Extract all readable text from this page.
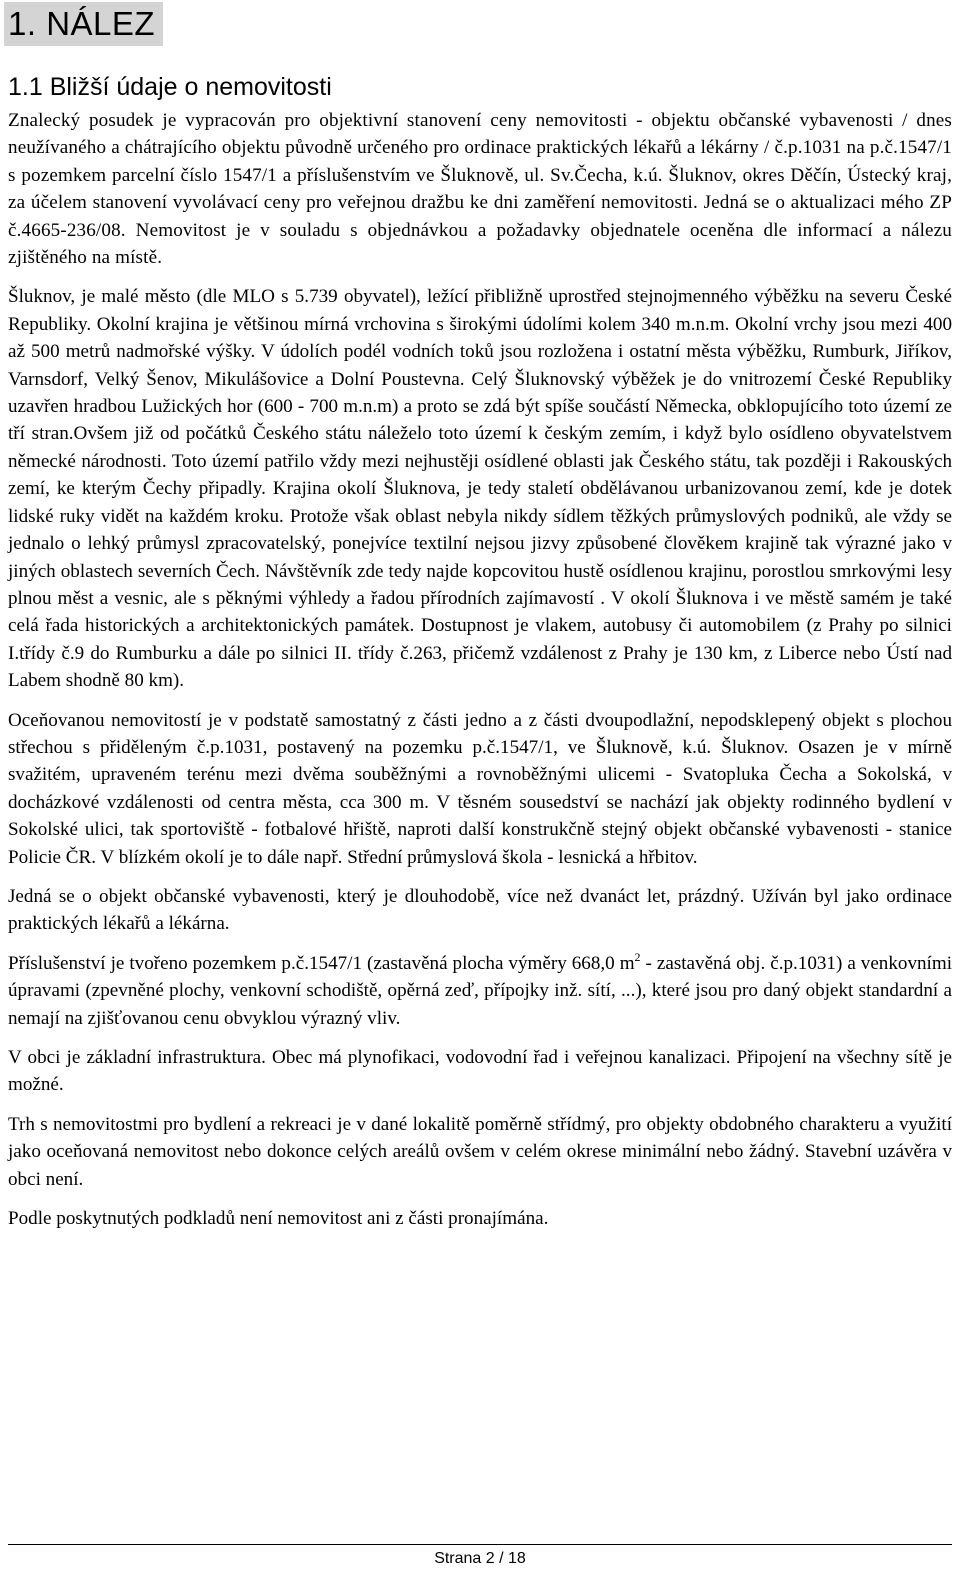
1. NÁLEZ
1.1 Bližší údaje o nemovitosti

Znalecký posudek je vypracován pro objektivní stanovení ceny nemovitosti - objektu občanské vybavenosti / dnes neužívaného a chátrajícího objektu původně určeného pro ordinace praktických lékařů a lékárny / č.p.1031 na p.č.1547/1 s pozemkem parcelní číslo 1547/1 a příslušenstvím ve Šluknově, ul. Sv.Čecha, k.ú. Šluknov, okres Děčín, Ústecký kraj, za účelem stanovení vyvolávací ceny pro veřejnou dražbu ke dni zaměření nemovitosti. Jedná se o aktualizaci mého ZP č.4665-236/08. Nemovitost je v souladu s objednávkou a požadavky objednatele oceněna dle informací a nálezu zjištěného na místě.

Šluknov, je malé město (dle MLO s 5.739 obyvatel), ležící přibližně uprostřed stejnojmenného výběžku na severu České Republiky. Okolní krajina je většinou mírná vrchovina s širokými údolími kolem 340 m.n.m. Okolní vrchy jsou mezi 400 až 500 metrů nadmořské výšky. V údolích podél vodních toků jsou rozložena i ostatní města výběžku, Rumburk, Jiříkov, Varnsdorf, Velký Šenov, Mikulášovice a Dolní Poustevna. Celý Šluknovský výběžek je do vnitrozemí České Republiky uzavřen hradbou Lužických hor (600 - 700 m.n.m) a proto se zdá být spíše součástí Německa, obklopujícího toto území ze tří stran.Ovšem již od počátků Českého státu náleželo toto území k českým zemím, i když bylo osídleno obyvatelstvem německé národnosti. Toto území patřilo vždy mezi nejhustěji osídlené oblasti jak Českého státu, tak později i Rakouských zemí, ke kterým Čechy připadly. Krajina okolí Šluknova, je tedy staletí obdělávanou urbanizovanou zemí, kde je dotek lidské ruky vidět na každém kroku. Protože však oblast nebyla nikdy sídlem těžkých průmyslových podniků, ale vždy se jednalo o lehký průmysl zpracovatelský, ponejvíce textilní nejsou jizvy způsobené člověkem krajině tak výrazné jako v jiných oblastech severních Čech. Návštěvník zde tedy najde kopcovitou hustě osídlenou krajinu, porostlou smrkovými lesy plnou měst a vesnic, ale s pěknými výhledy a řadou přírodních zajímavostí . V okolí Šluknova i ve městě samém je také celá řada historických a architektonických památek. Dostupnost je vlakem, autobusy či automobilem (z Prahy po silnici I.třídy č.9 do Rumburku a dále po silnici II. třídy č.263, přičemž vzdálenost z Prahy je 130 km, z Liberce nebo Ústí nad Labem shodně 80 km).

Oceňovanou nemovitostí je v podstatě samostatný z části jedno a z části dvoupodlažní, nepodsklepený objekt s plochou střechou s přiděleným č.p.1031, postavený na pozemku p.č.1547/1, ve Šluknově, k.ú. Šluknov. Osazen je v mírně svažitém, upraveném terénu mezi dvěma souběžnými a rovnoběžnými ulicemi - Svatopluka Čecha a Sokolská, v docházkové vzdálenosti od centra města, cca 300 m. V těsném sousedství se nachází jak objekty rodinného bydlení v Sokolské ulici, tak sportoviště - fotbalové hřiště, naproti další konstrukčně stejný objekt občanské vybavenosti - stanice Policie ČR. V blízkém okolí je to dále např. Střední průmyslová škola - lesnická a hřbitov.

Jedná se o objekt občanské vybavenosti, který je dlouhodobě, více než dvanáct let, prázdný. Užíván byl jako ordinace praktických lékařů a lékárna.

Příslušenství je tvořeno pozemkem p.č.1547/1 (zastavěná plocha výměry 668,0 $m^2$ - zastavěná obj. č.p.1031) a venkovními úpravami (zpevněné plochy, venkovní schodiště, opěrná zeď, přípojky inž. sítí, ...), které jsou pro daný objekt standardní a nemají na zjišťovanou cenu obvyklou výrazný vliv.

V obci je základní infrastruktura. Obec má plynofikaci, vodovodní řad i veřejnou kanalizaci. Připojení na všechny sítě je možné.

Trh s nemovitostmi pro bydlení a rekreaci je v dané lokalitě poměrně střídmý, pro objekty obdobného charakteru a využití jako oceňovaná nemovitost nebo dokonce celých areálů ovšem v celém okrese minimální nebo žádný. Stavební uzávěra v obci není.

Podle poskytnutých podkladů není nemovitost ani z části pronajímána.

Strana 2 / 18
